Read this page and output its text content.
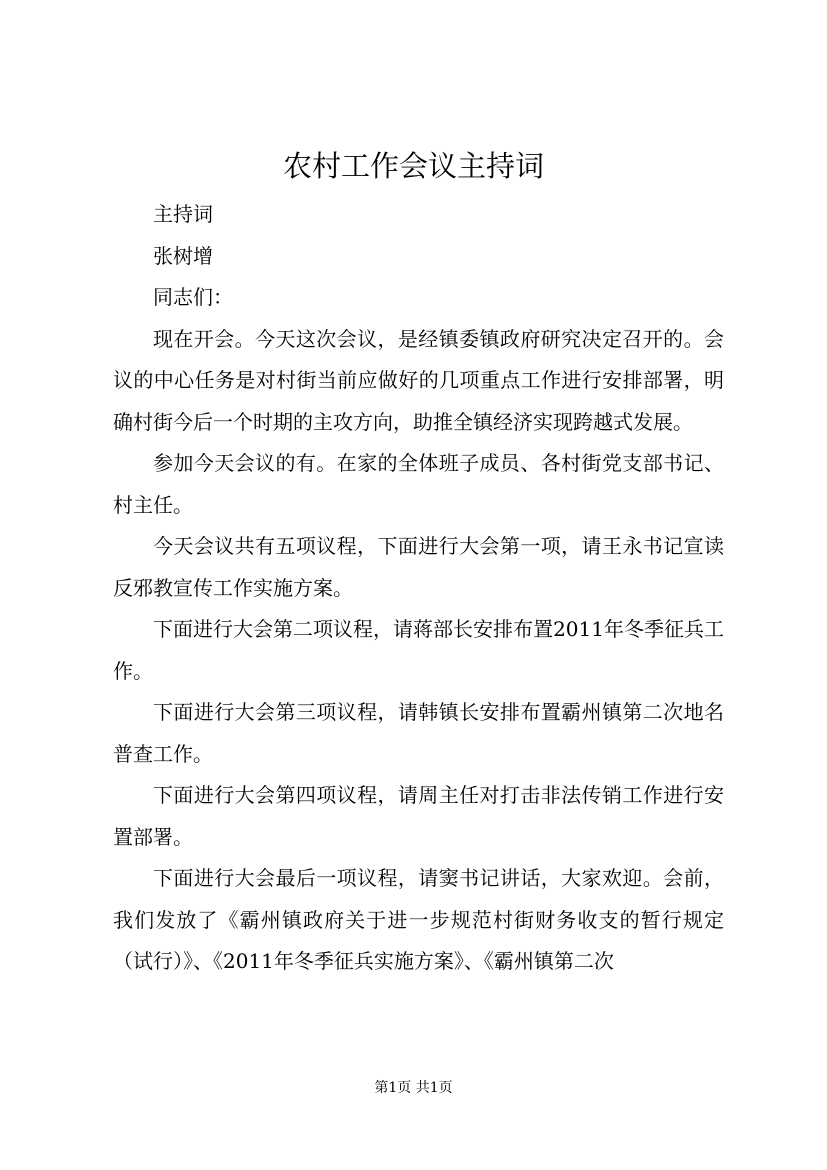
农村工作会议主持词

主持词

张树增

同志们：

现在开会。今天这次会议，是经镇委镇政府研究决定召开的。会议的中心任务是对村街当前应做好的几项重点工作进行安排部署，明确村街今后一个时期的主攻方向，助推全镇经济实现跨越式发展。

参加今天会议的有。在家的全体班子成员、各村街党支部书记、村主任。

今天会议共有五项议程，下面进行大会第一项，请王永书记宣读反邪教宣传工作实施方案。

下面进行大会第二项议程，请蒋部长安排布置2011年冬季征兵工作。

下面进行大会第三项议程，请韩镇长安排布置霸州镇第二次地名普查工作。

下面进行大会第四项议程，请周主任对打击非法传销工作进行安置部署。

下面进行大会最后一项议程，请窦书记讲话，大家欢迎。会前，我们发放了《霸州镇政府关于进一步规范村街财务收支的暂行规定（试行）》、《2011年冬季征兵实施方案》、《霸州镇第二次

第1页 共1页
